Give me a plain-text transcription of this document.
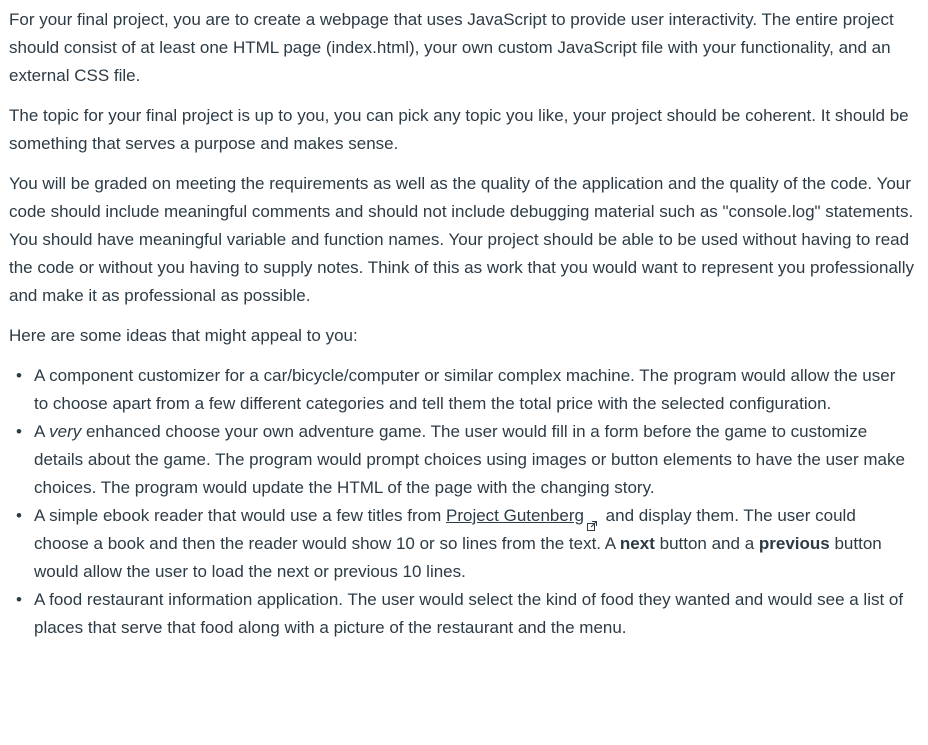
For your final project, you are to create a webpage that uses JavaScript to provide user interactivity. The entire project should consist of at least one HTML page (index.html), your own custom JavaScript file with your functionality, and an external CSS file.

The topic for your final project is up to you, you can pick any topic you like, your project should be coherent. It should be something that serves a purpose and makes sense.

You will be graded on meeting the requirements as well as the quality of the application and the quality of the code. Your code should include meaningful comments and should not include debugging material such as "console.log" statements. You should have meaningful variable and function names. Your project should be able to be used without having to read the code or without you having to supply notes. Think of this as work that you would want to represent you professionally and make it as professional as possible.

Here are some ideas that might appeal to you:

• A component customizer for a car/bicycle/computer or similar complex machine. The program would allow the user to choose apart from a few different categories and tell them the total price with the selected configuration.
• A very enhanced choose your own adventure game. The user would fill in a form before the game to customize details about the game. The program would prompt choices using images or button elements to have the user make choices. The program would update the HTML of the page with the changing story.
• A simple ebook reader that would use a few titles from Project Gutenberg and display them. The user could choose a book and then the reader would show 10 or so lines from the text. A next button and a previous button would allow the user to load the next or previous 10 lines.
• A food restaurant information application. The user would select the kind of food they wanted and would see a list of places that serve that food along with a picture of the restaurant and the menu.
